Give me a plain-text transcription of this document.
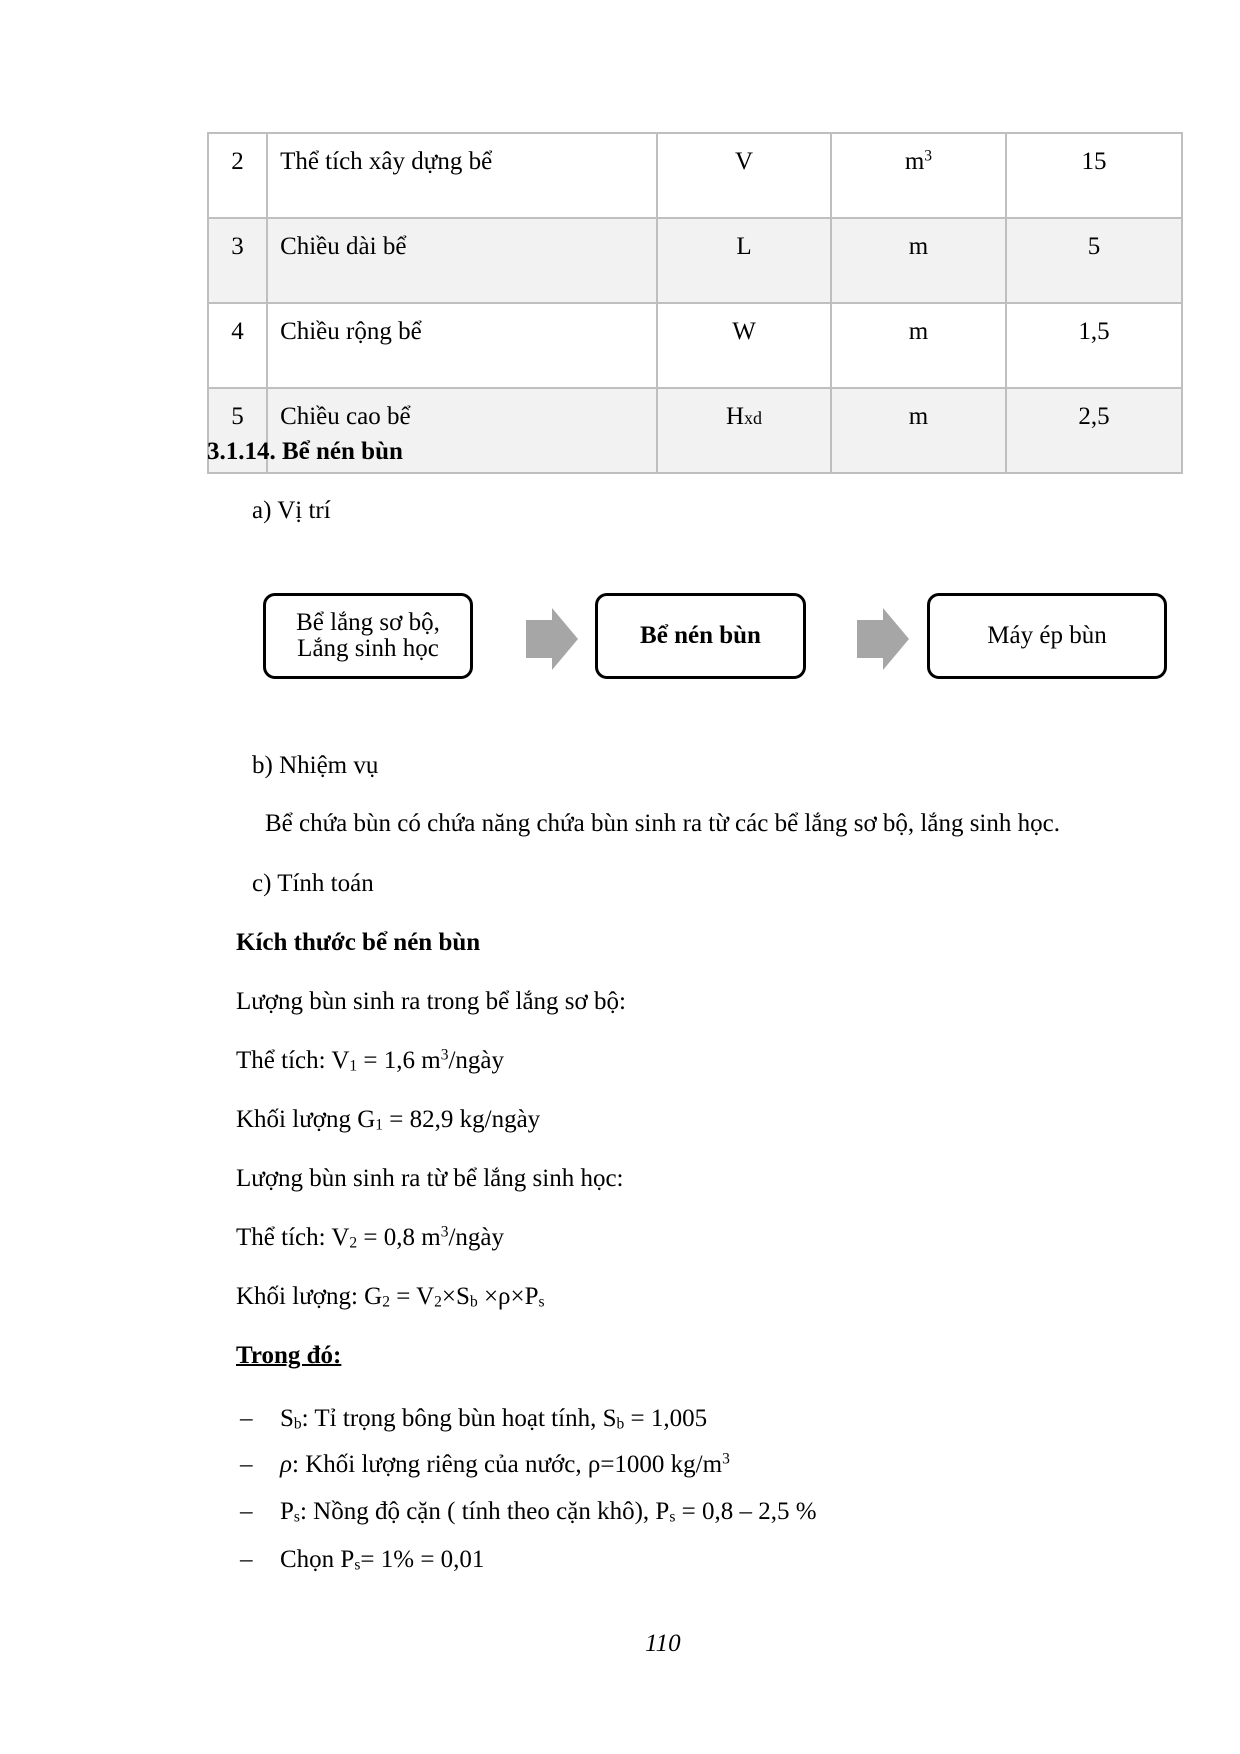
2	Thể tích xây dựng bể	V	$m^3$	15
3	Chiều dài bể	L	m	5
4	Chiều rộng bể	W	m	1,5
5	Chiều cao bể	Hxd	m	2,5
3.1.14. Bể nén bùn
a) Vị trí
Bể lắng sơ bộ,
Lắng sinh học	Bể nén bùn	Máy ép bùn
b) Nhiệm vụ
Bể chứa bùn có chứa năng chứa bùn sinh ra từ các bể lắng sơ bộ, lắng sinh học.
c) Tính toán
Kích thước bể nén bùn
Lượng bùn sinh ra trong bể lắng sơ bộ:
Thể tích: $V_1 = 1,6$ $m^3$/ngày
Khối lượng $G_1 = 82,9$ kg/ngày
Lượng bùn sinh ra từ bể lắng sinh học:
Thể tích: $V_2 = 0,8$ $m^3$/ngày
Khối lượng: $G_2 = V_2\times S_b \times\rho\times P_s$
Trong đó:
– $S_b$: Tỉ trọng bông bùn hoạt tính, $S_b = 1,005$
– ρ: Khối lượng riêng của nước, ρ=1000 $kg/m^3$
– $P_s$: Nồng độ cặn ( tính theo cặn khô), $P_s = 0,8 - 2,5$ %
– Chọn $P_s= 1\% = 0,01$
110
